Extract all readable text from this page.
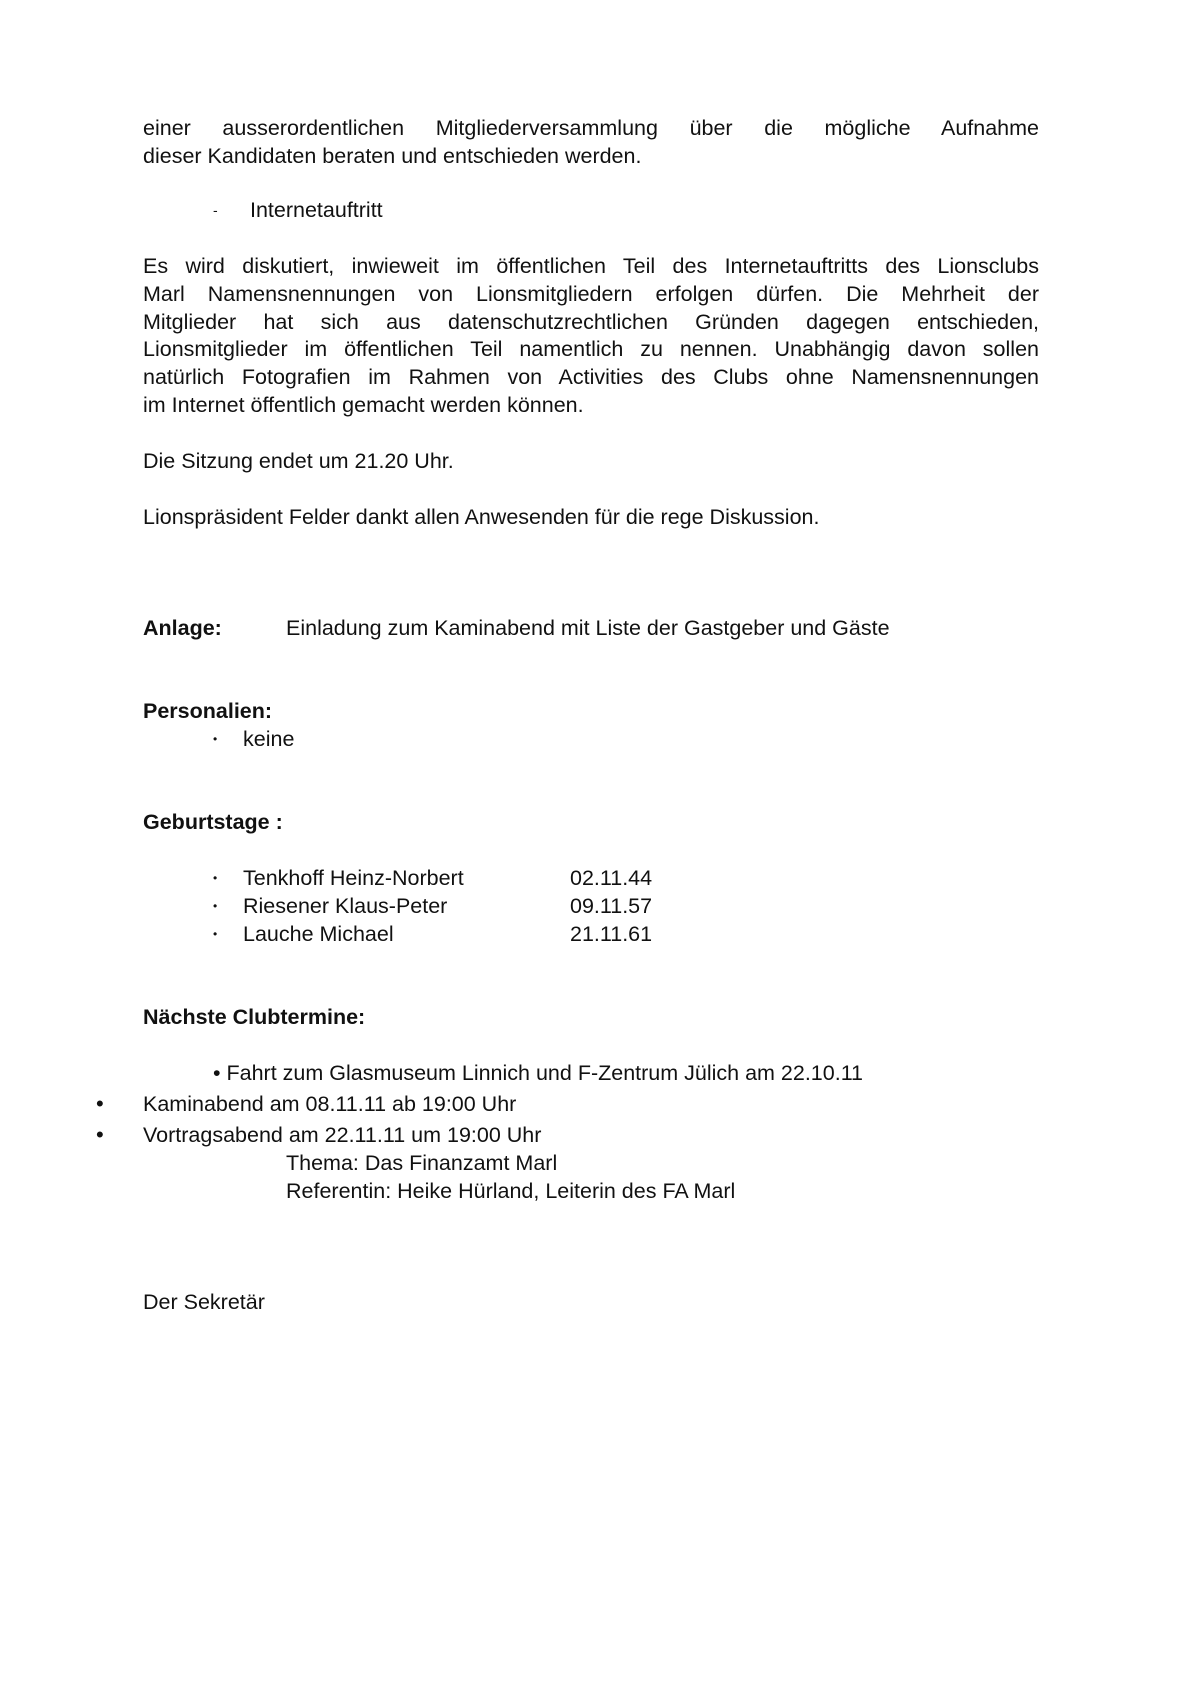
einer ausserordentlichen Mitgliederversammlung über die mögliche Aufnahme
dieser Kandidaten beraten und entschieden werden.
- Internetauftritt
Es wird diskutiert, inwieweit im öffentlichen Teil des Internetauftritts des Lionsclubs
Marl Namensnennungen von Lionsmitgliedern erfolgen dürfen. Die Mehrheit der
Mitglieder hat sich aus datenschutzrechtlichen Gründen dagegen entschieden,
Lionsmitglieder im öffentlichen Teil namentlich zu nennen. Unabhängig davon sollen
natürlich Fotografien im Rahmen von Activities des Clubs ohne Namensnennungen
im Internet öffentlich gemacht werden können.
Die Sitzung endet um 21.20 Uhr.
Lionspräsident Felder dankt allen Anwesenden für die rege Diskussion.
Anlage:	Einladung zum Kaminabend mit Liste der Gastgeber und Gäste
Personalien:
• keine
Geburtstage :
• Tenkhoff Heinz-Norbert	02.11.44
• Riesener Klaus-Peter	09.11.57
• Lauche Michael	21.11.61
Nächste Clubtermine:
• Fahrt zum Glasmuseum Linnich und F-Zentrum Jülich am 22.10.11
• Kaminabend am 08.11.11 ab 19:00 Uhr
• Vortragsabend am 22.11.11 um 19:00 Uhr
Thema: Das Finanzamt Marl
Referentin: Heike Hürland, Leiterin des FA Marl
Der Sekretär
